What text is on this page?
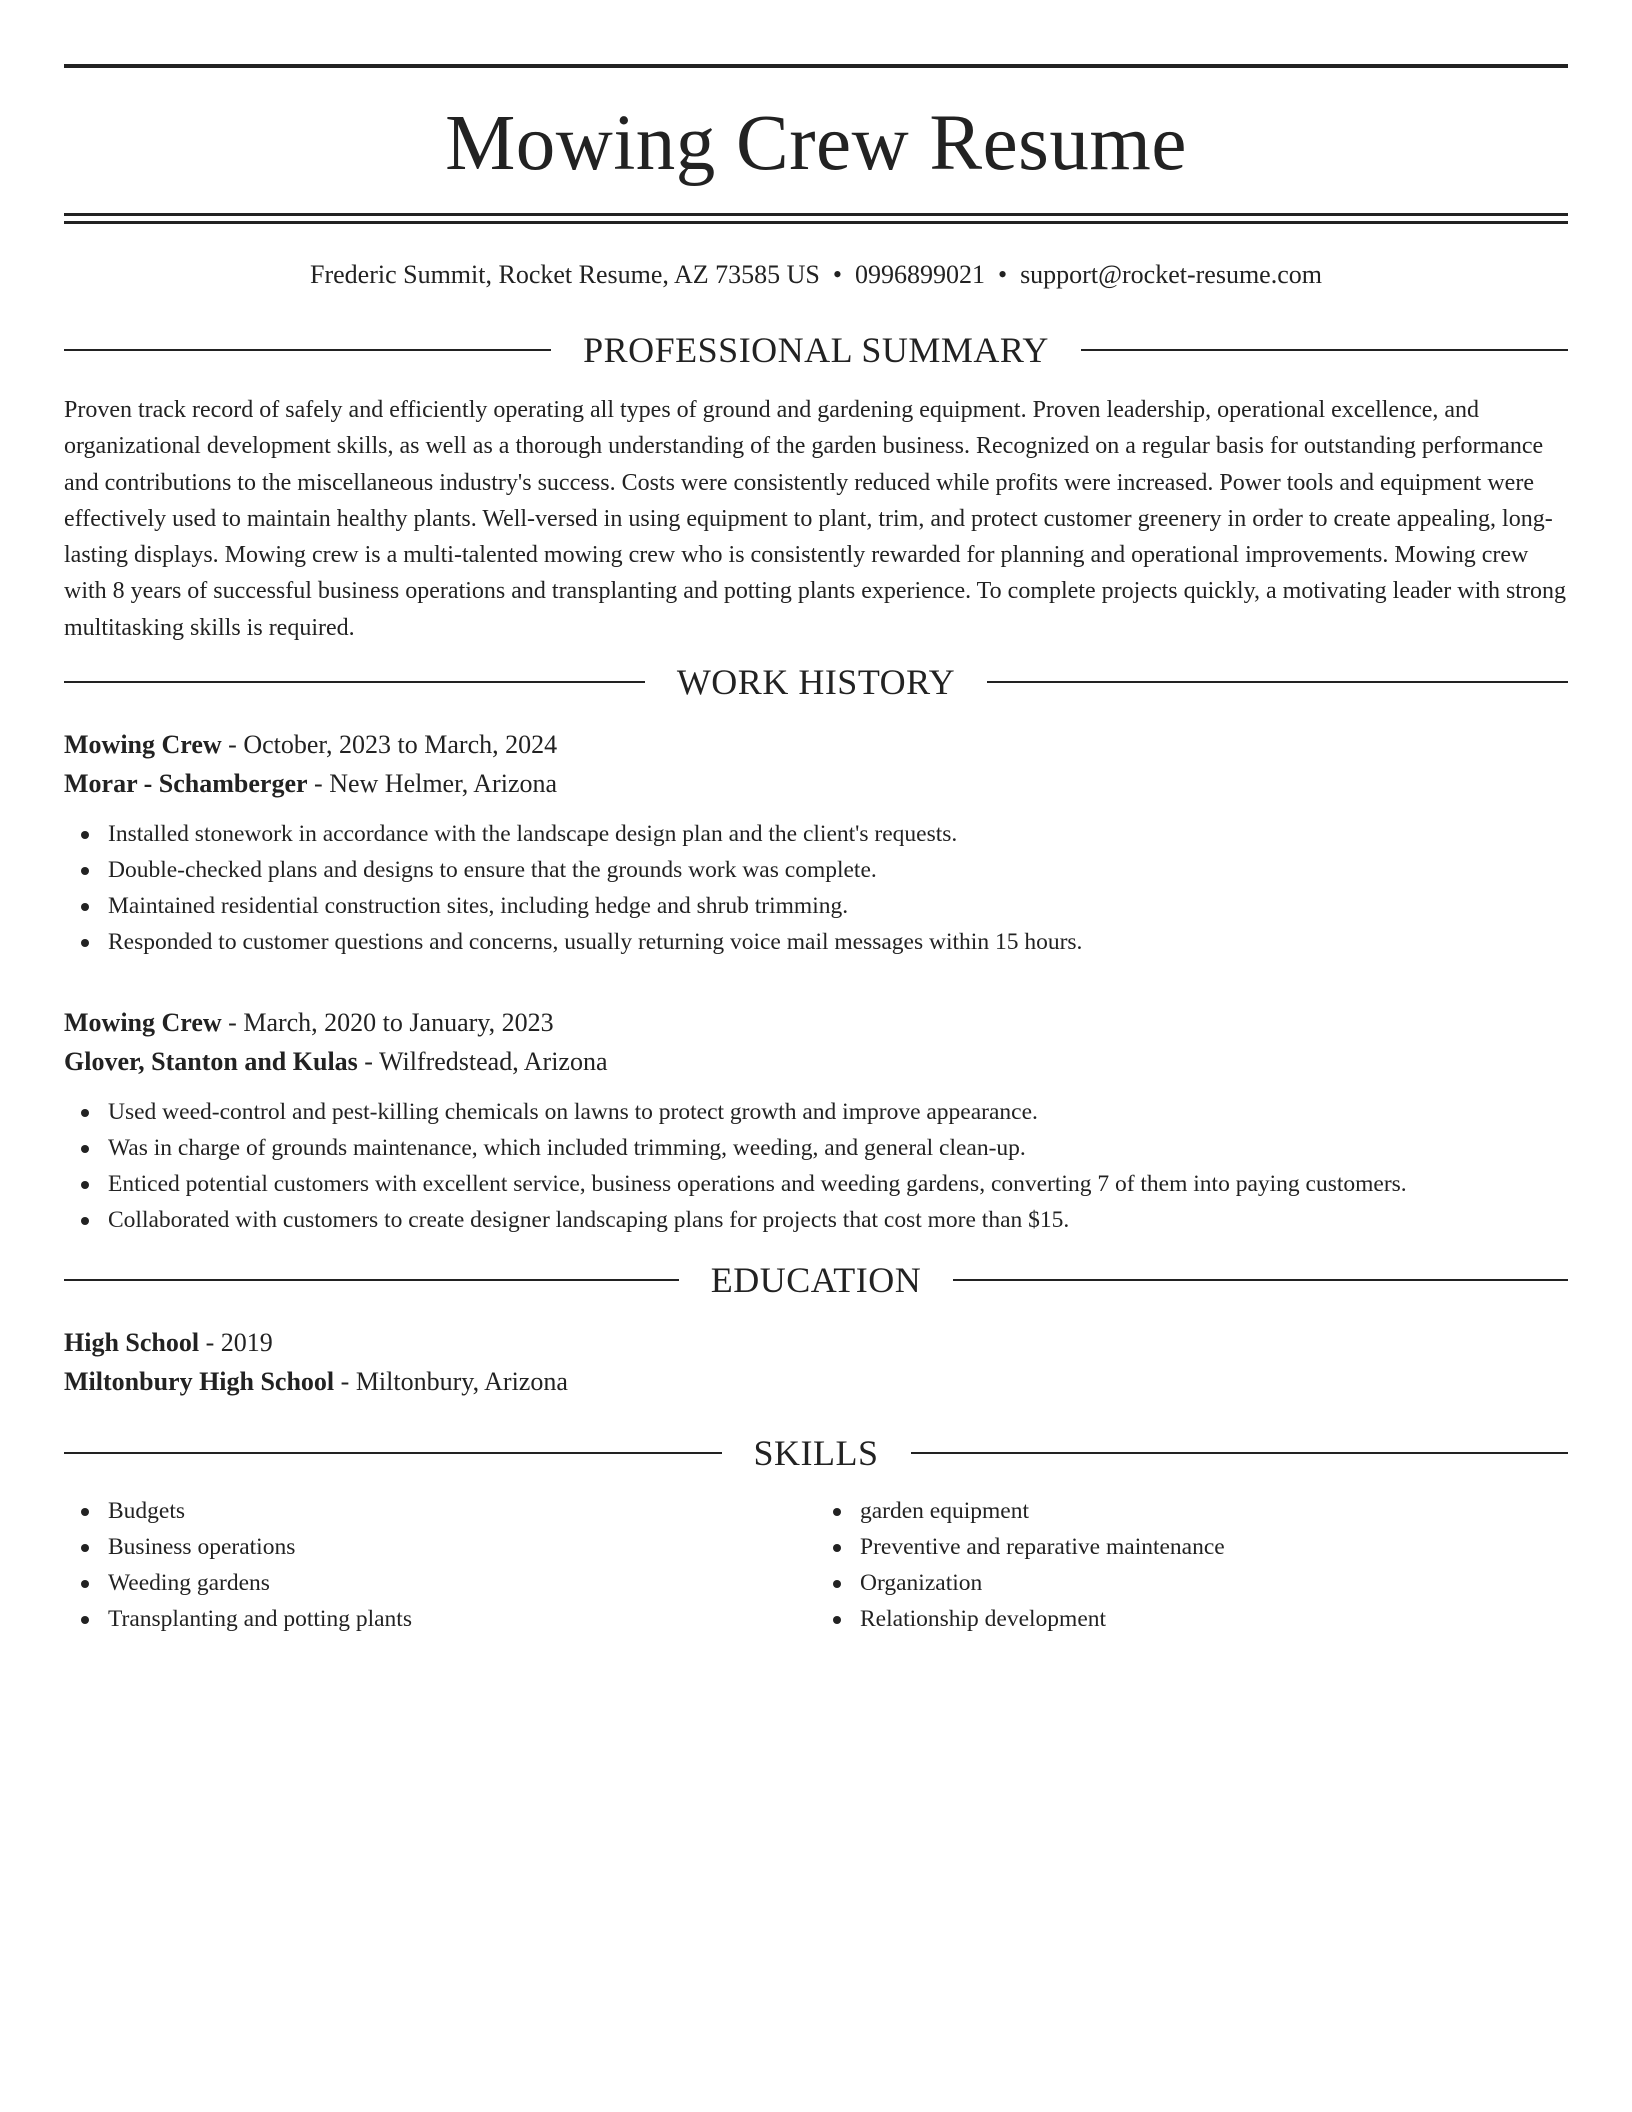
Mowing Crew Resume
Frederic Summit, Rocket Resume, AZ 73585 US • 0996899021 • support@rocket-resume.com
PROFESSIONAL SUMMARY

Proven track record of safely and efficiently operating all types of ground and gardening equipment. Proven leadership, operational excellence, and organizational development skills, as well as a thorough understanding of the garden business. Recognized on a regular basis for outstanding performance and contributions to the miscellaneous industry's success. Costs were consistently reduced while profits were increased. Power tools and equipment were effectively used to maintain healthy plants. Well-versed in using equipment to plant, trim, and protect customer greenery in order to create appealing, long-lasting displays. Mowing crew is a multi-talented mowing crew who is consistently rewarded for planning and operational improvements. Mowing crew with 8 years of successful business operations and transplanting and potting plants experience. To complete projects quickly, a motivating leader with strong multitasking skills is required.

WORK HISTORY
Mowing Crew - October, 2023 to March, 2024
Morar - Schamberger - New Helmer, Arizona
Installed stonework in accordance with the landscape design plan and the client's requests.
Double-checked plans and designs to ensure that the grounds work was complete.
Maintained residential construction sites, including hedge and shrub trimming.
Responded to customer questions and concerns, usually returning voice mail messages within 15 hours.
Mowing Crew - March, 2020 to January, 2023
Glover, Stanton and Kulas - Wilfredstead, Arizona
Used weed-control and pest-killing chemicals on lawns to protect growth and improve appearance.
Was in charge of grounds maintenance, which included trimming, weeding, and general clean-up.
Enticed potential customers with excellent service, business operations and weeding gardens, converting 7 of them into paying customers.
Collaborated with customers to create designer landscaping plans for projects that cost more than $15.
EDUCATION
High School - 2019
Miltonbury High School - Miltonbury, Arizona
SKILLS
Budgets
Business operations
Weeding gardens
Transplanting and potting plants
garden equipment
Preventive and reparative maintenance
Organization
Relationship development
